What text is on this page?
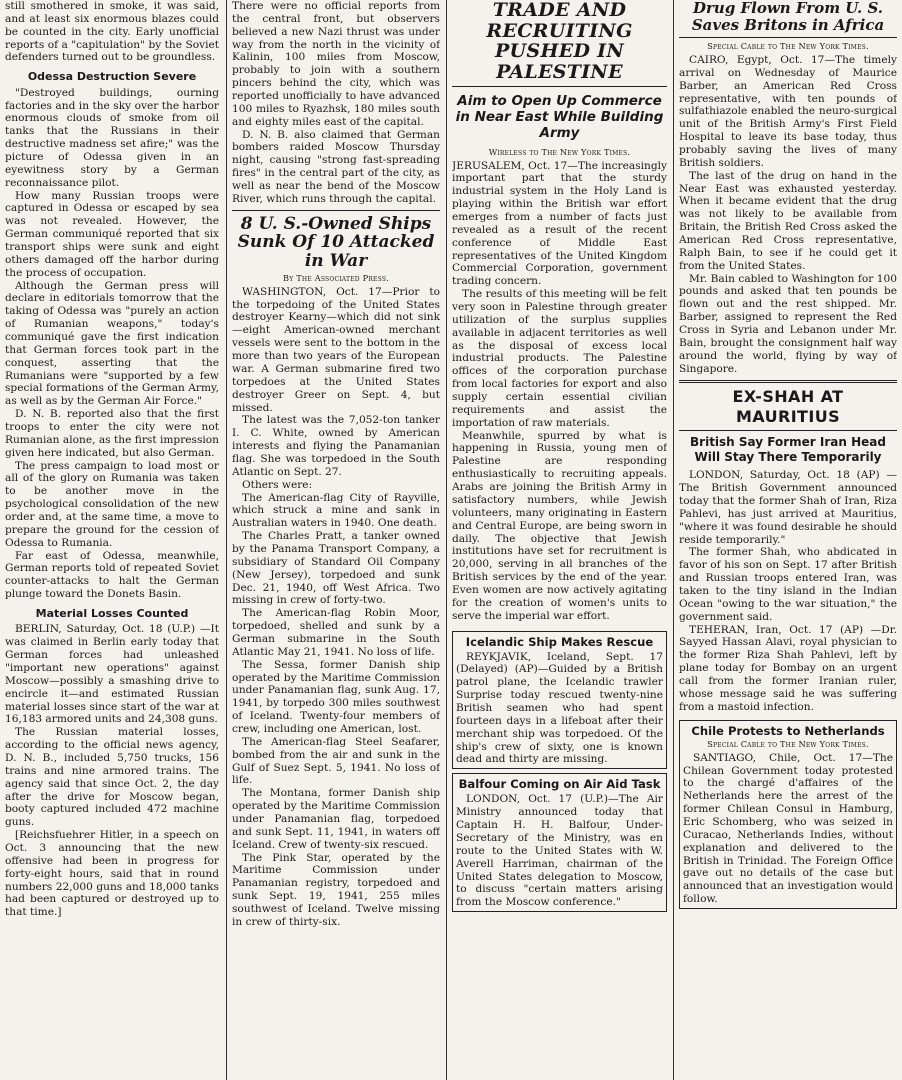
still smothered in smoke, it was said, and at least six enormous blazes could be counted in the city. Early unofficial reports of a "capitulation" by the Soviet defenders turned out to be groundless.

Odessa Destruction Severe

"Destroyed buildings, ourning factories and in the sky over the harbor enormous clouds of smoke from oil tanks that the Russians in their destructive madness set afire;" was the picture of Odessa given in an eyewitness story by a German reconnaissance pilot.

How many Russian troops were captured in Odessa or escaped by sea was not revealed. However, the German communiqué reported that six transport ships were sunk and eight others damaged off the harbor during the process of occupation.

Although the German press will declare in editorials tomorrow that the taking of Odessa was "purely an action of Rumanian weapons," today's communiqué gave the first indication that German forces took part in the conquest, asserting that the Rumanians were "supported by a few special formations of the German Army, as well as by the German Air Force."

D. N. B. reported also that the first troops to enter the city were not Rumanian alone, as the first impression given here indicated, but also German.

The press campaign to load most or all of the glory on Rumania was taken to be another move in the psychological consolidation of the new order and, at the same time, a move to prepare the ground for the cession of Odessa to Rumania.

Far east of Odessa, meanwhile, German reports told of repeated Soviet counter-attacks to halt the German plunge toward the Donets Basin.

Material Losses Counted

BERLIN, Saturday, Oct. 18 (U.P.) —It was claimed in Berlin early today that German forces had unleashed "important new operations" against Moscow—possibly a smashing drive to encircle it—and estimated Russian material losses since start of the war at 16,183 armored units and 24,308 guns.

The Russian material losses, according to the official news agency, D. N. B., included 5,750 trucks, 156 trains and nine armored trains. The agency said that since Oct. 2, the day after the drive for Moscow began, booty captured included 472 machine guns.

[Reichsfuehrer Hitler, in a speech on Oct. 3 announcing that the new offensive had been in progress for forty-eight hours, said that in round numbers 22,000 guns and 18,000 tanks had been captured or destroyed up to that time.]

There were no official reports from the central front, but observers believed a new Nazi thrust was under way from the north in the vicinity of Kalinin, 100 miles from Moscow, probably to join with a southern pincers behind the city, which was reported unofficially to have advanced 100 miles to Ryazhsk, 180 miles south and eighty miles east of the capital.

D. N. B. also claimed that German bombers raided Moscow Thursday night, causing "strong fast-spreading fires" in the central part of the city, as well as near the bend of the Moscow River, which runs through the capital.

8 U. S.-Owned Ships Sunk Of 10 Attacked in War
By The Associated Press.

WASHINGTON, Oct. 17—Prior to the torpedoing of the United States destroyer Kearny—which did not sink—eight American-owned merchant vessels were sent to the bottom in the more than two years of the European war. A German submarine fired two torpedoes at the United States destroyer Greer on Sept. 4, but missed.

The latest was the 7,052-ton tanker I. C. White, owned by American interests and flying the Panamanian flag. She was torpedoed in the South Atlantic on Sept. 27.

Others were:

The American-flag City of Rayville, which struck a mine and sank in Australian waters in 1940. One death.

The Charles Pratt, a tanker owned by the Panama Transport Company, a subsidiary of Standard Oil Company (New Jersey), torpedoed and sunk Dec. 21, 1940, off West Africa. Two missing in crew of forty-two.

The American-flag Robin Moor, torpedoed, shelled and sunk by a German submarine in the South Atlantic May 21, 1941. No loss of life.

The Sessa, former Danish ship operated by the Maritime Commission under Panamanian flag, sunk Aug. 17, 1941, by torpedo 300 miles southwest of Iceland. Twenty-four members of crew, including one American, lost.

The American-flag Steel Seafarer, bombed from the air and sunk in the Gulf of Suez Sept. 5, 1941. No loss of life.

The Montana, former Danish ship operated by the Maritime Commission under Panamanian flag, torpedoed and sunk Sept. 11, 1941, in waters off Iceland. Crew of twenty-six rescued.

The Pink Star, operated by the Maritime Commission under Panamanian registry, torpedoed and sunk Sept. 19, 1941, 255 miles southwest of Iceland. Twelve missing in crew of thirty-six.

TRADE AND RECRUITING PUSHED IN PALESTINE
Aim to Open Up Commerce in Near East While Building Army
Wireless to The New York Times.

JERUSALEM, Oct. 17—The increasingly important part that the sturdy industrial system in the Holy Land is playing within the British war effort emerges from a number of facts just revealed as a result of the recent conference of Middle East representatives of the United Kingdom Commercial Corporation, government trading concern.

The results of this meeting will be felt very soon in Palestine through greater utilization of the surplus supplies available in adjacent territories as well as the disposal of excess local industrial products. The Palestine offices of the corporation purchase from local factories for export and also supply certain essential civilian requirements and assist the importation of raw materials.

Meanwhile, spurred by what is happening in Russia, young men of Palestine are responding enthusiastically to recruiting appeals. Arabs are joining the British Army in satisfactory numbers, while Jewish volunteers, many originating in Eastern and Central Europe, are being sworn in daily. The objective that Jewish institutions have set for recruitment is 20,000, serving in all branches of the British services by the end of the year. Even women are now actively agitating for the creation of women's units to serve the imperial war effort.

Icelandic Ship Makes Rescue

REYKJAVIK, Iceland, Sept. 17 (Delayed) (AP)—Guided by a British patrol plane, the Icelandic trawler Surprise today rescued twenty-nine British seamen who had spent fourteen days in a lifeboat after their merchant ship was torpedoed. Of the ship's crew of sixty, one is known dead and thirty are missing.

Balfour Coming on Air Aid Task

LONDON, Oct. 17 (U.P.)—The Air Ministry announced today that Captain H. H. Balfour, Under-Secretary of the Ministry, was en route to the United States with W. Averell Harriman, chairman of the United States delegation to Moscow, to discuss "certain matters arising from the Moscow conference."

Drug Flown From U. S. Saves Britons in Africa
Special Cable to The New York Times.

CAIRO, Egypt, Oct. 17—The timely arrival on Wednesday of Maurice Barber, an American Red Cross representative, with ten pounds of sulfathiazole enabled the neuro-surgical unit of the British Army's First Field Hospital to leave its base today, thus probably saving the lives of many British soldiers.

The last of the drug on hand in the Near East was exhausted yesterday. When it became evident that the drug was not likely to be available from Britain, the British Red Cross asked the American Red Cross representative, Ralph Bain, to see if he could get it from the United States.

Mr. Bain cabled to Washington for 100 pounds and asked that ten pounds be flown out and the rest shipped. Mr. Barber, assigned to represent the Red Cross in Syria and Lebanon under Mr. Bain, brought the consignment half way around the world, flying by way of Singapore.

EX-SHAH AT MAURITIUS
British Say Former Iran Head Will Stay There Temporarily

LONDON, Saturday, Oct. 18 (AP) —The British Government announced today that the former Shah of Iran, Riza Pahlevi, has just arrived at Mauritius, "where it was found desirable he should reside temporarily."

The former Shah, who abdicated in favor of his son on Sept. 17 after British and Russian troops entered Iran, was taken to the tiny island in the Indian Ocean "owing to the war situation," the government said.

TEHERAN, Iran, Oct. 17 (AP) —Dr. Sayyed Hassan Alavi, royal physician to the former Riza Shah Pahlevi, left by plane today for Bombay on an urgent call from the former Iranian ruler, whose message said he was suffering from a mastoid infection.

Chile Protests to Netherlands
Special Cable to The New York Times.

SANTIAGO, Chile, Oct. 17—The Chilean Government today protested to the chargé d'affaires of the Netherlands here the arrest of the former Chilean Consul in Hamburg, Eric Schomberg, who was seized in Curacao, Netherlands Indies, without explanation and delivered to the British in Trinidad. The Foreign Office gave out no details of the case but announced that an investigation would follow.
